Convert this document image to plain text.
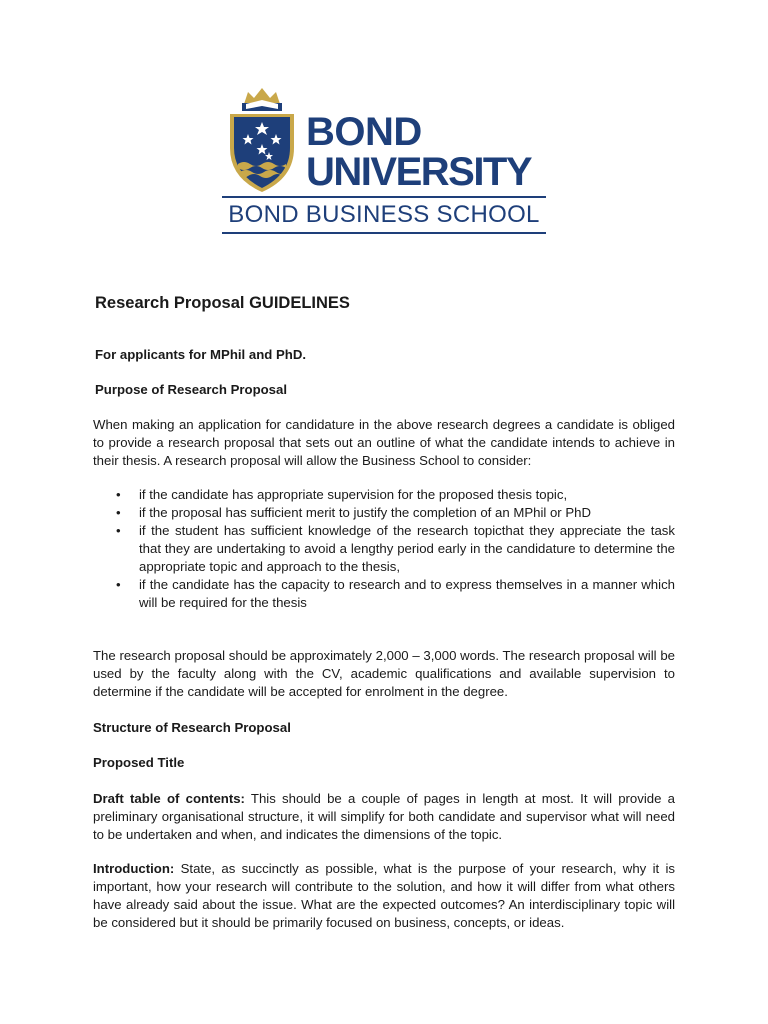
BOND
UNIVERSITY
BOND BUSINESS SCHOOL
Research Proposal GUIDELINES

For applicants for MPhil and PhD.

Purpose of Research Proposal

When making an application for candidature in the above research degrees a candidate is obliged to provide a research proposal that sets out an outline of what the candidate intends to achieve in their thesis. A research proposal will allow the Business School to consider:

• if the candidate has appropriate supervision for the proposed thesis topic,
• if the proposal has sufficient merit to justify the completion of an MPhil or PhD
• if the student has sufficient knowledge of the research topicthat they appreciate the task that they are undertaking to avoid a lengthy period early in the candidature to determine the appropriate topic and approach to the thesis,
• if the candidate has the capacity to research and to express themselves in a manner which will be required for the thesis

The research proposal should be approximately 2,000 – 3,000 words. The research proposal will be used by the faculty along with the CV, academic qualifications and available supervision to determine if the candidate will be accepted for enrolment in the degree.

Structure of Research Proposal

Proposed Title

Draft table of contents: This should be a couple of pages in length at most. It will provide a preliminary organisational structure, it will simplify for both candidate and supervisor what will need to be undertaken and when, and indicates the dimensions of the topic.

Introduction: State, as succinctly as possible, what is the purpose of your research, why it is important, how your research will contribute to the solution, and how it will differ from what others have already said about the issue. What are the expected outcomes? An interdisciplinary topic will be considered but it should be primarily focused on business, concepts, or ideas.
